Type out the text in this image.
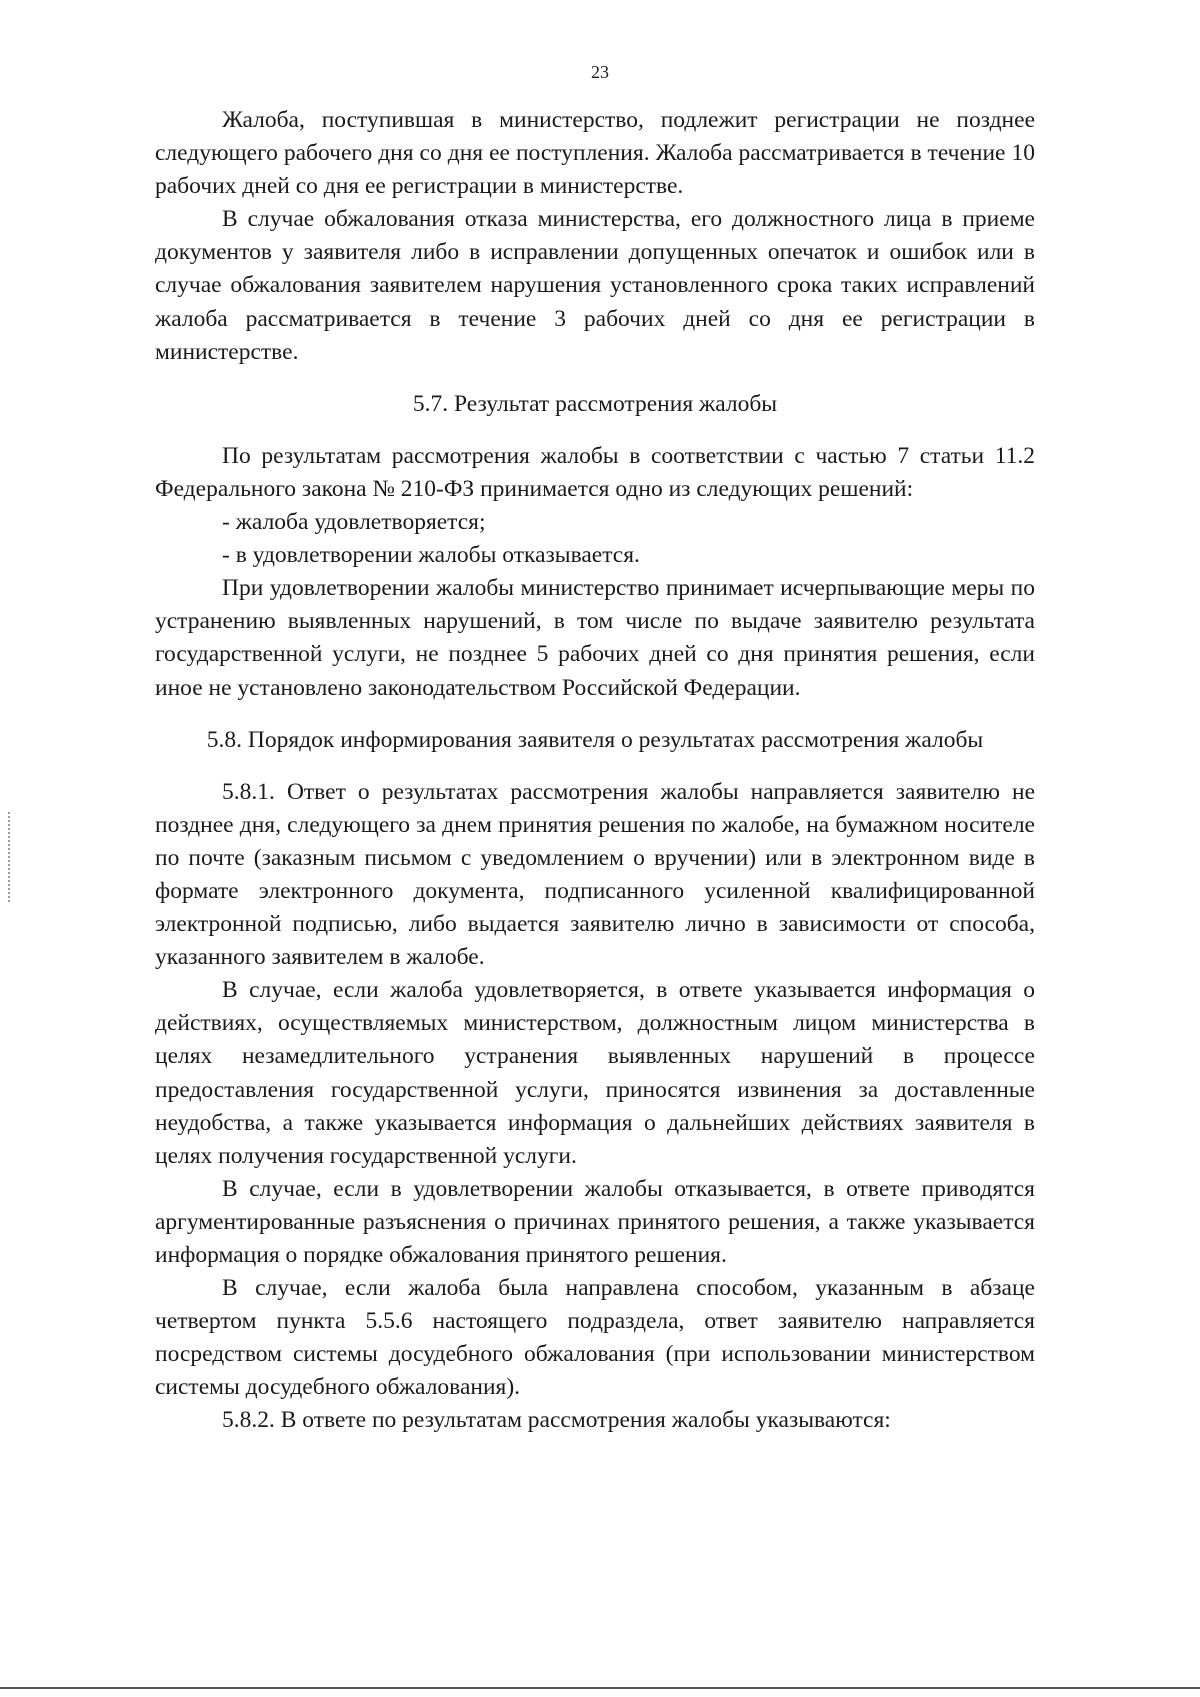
23

Жалоба, поступившая в министерство, подлежит регистрации не позднее следующего рабочего дня со дня ее поступления. Жалоба рассматривается в течение 10 рабочих дней со дня ее регистрации в министерстве.

В случае обжалования отказа министерства, его должностного лица в приеме документов у заявителя либо в исправлении допущенных опечаток и ошибок или в случае обжалования заявителем нарушения установленного срока таких исправлений жалоба рассматривается в течение 3 рабочих дней со дня ее регистрации в министерстве.

5.7. Результат рассмотрения жалобы

По результатам рассмотрения жалобы в соответствии с частью 7 статьи 11.2 Федерального закона № 210-ФЗ принимается одно из следующих решений:

- жалоба удовлетворяется;

- в удовлетворении жалобы отказывается.

При удовлетворении жалобы министерство принимает исчерпывающие меры по устранению выявленных нарушений, в том числе по выдаче заявителю результата государственной услуги, не позднее 5 рабочих дней со дня принятия решения, если иное не установлено законодательством Российской Федерации.

5.8. Порядок информирования заявителя о результатах рассмотрения жалобы

5.8.1. Ответ о результатах рассмотрения жалобы направляется заявителю не позднее дня, следующего за днем принятия решения по жалобе, на бумажном носителе по почте (заказным письмом с уведомлением о вручении) или в электронном виде в формате электронного документа, подписанного усиленной квалифицированной электронной подписью, либо выдается заявителю лично в зависимости от способа, указанного заявителем в жалобе.

В случае, если жалоба удовлетворяется, в ответе указывается информация о действиях, осуществляемых министерством, должностным лицом министерства в целях незамедлительного устранения выявленных нарушений в процессе предоставления государственной услуги, приносятся извинения за доставленные неудобства, а также указывается информация о дальнейших действиях заявителя в целях получения государственной услуги.

В случае, если в удовлетворении жалобы отказывается, в ответе приводятся аргументированные разъяснения о причинах принятого решения, а также указывается информация о порядке обжалования принятого решения.

В случае, если жалоба была направлена способом, указанным в абзаце четвертом пункта 5.5.6 настоящего подраздела, ответ заявителю направляется посредством системы досудебного обжалования (при использовании министерством системы досудебного обжалования).

5.8.2. В ответе по результатам рассмотрения жалобы указываются:
